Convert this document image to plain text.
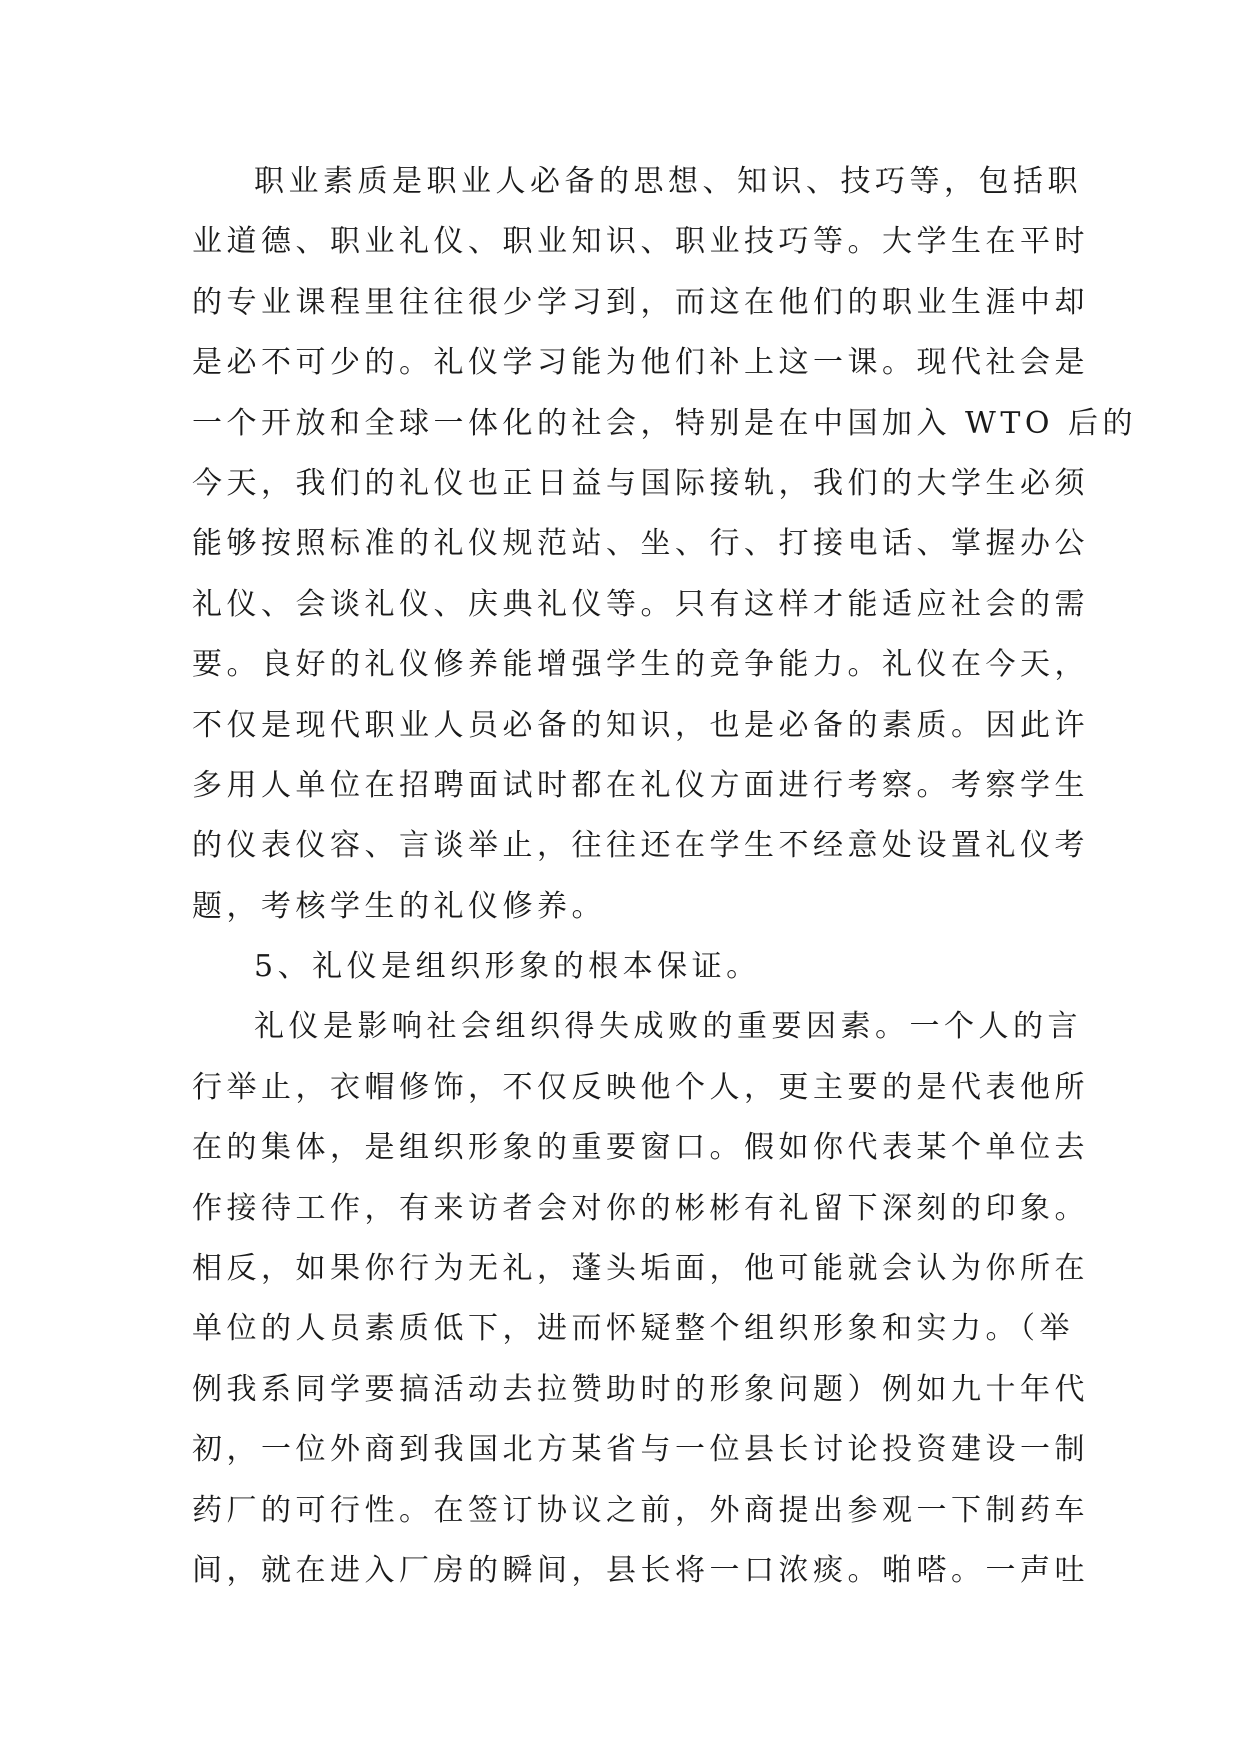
职业素质是职业人必备的思想、知识、技巧等，包括职
业道德、职业礼仪、职业知识、职业技巧等。大学生在平时
的专业课程里往往很少学习到，而这在他们的职业生涯中却
是必不可少的。礼仪学习能为他们补上这一课。现代社会是
一个开放和全球一体化的社会，特别是在中国加入 WTO 后的
今天，我们的礼仪也正日益与国际接轨，我们的大学生必须
能够按照标准的礼仪规范站、坐、行、打接电话、掌握办公
礼仪、会谈礼仪、庆典礼仪等。只有这样才能适应社会的需
要。良好的礼仪修养能增强学生的竞争能力。礼仪在今天，
不仅是现代职业人员必备的知识，也是必备的素质。因此许
多用人单位在招聘面试时都在礼仪方面进行考察。考察学生
的仪表仪容、言谈举止，往往还在学生不经意处设置礼仪考
题，考核学生的礼仪修养。
5、礼仪是组织形象的根本保证。
礼仪是影响社会组织得失成败的重要因素。一个人的言
行举止，衣帽修饰，不仅反映他个人，更主要的是代表他所
在的集体，是组织形象的重要窗口。假如你代表某个单位去
作接待工作，有来访者会对你的彬彬有礼留下深刻的印象。
相反，如果你行为无礼，蓬头垢面，他可能就会认为你所在
单位的人员素质低下，进而怀疑整个组织形象和实力。（举
例我系同学要搞活动去拉赞助时的形象问题）例如九十年代
初，一位外商到我国北方某省与一位县长讨论投资建设一制
药厂的可行性。在签订协议之前，外商提出参观一下制药车
间，就在进入厂房的瞬间，县长将一口浓痰。啪嗒。一声吐
